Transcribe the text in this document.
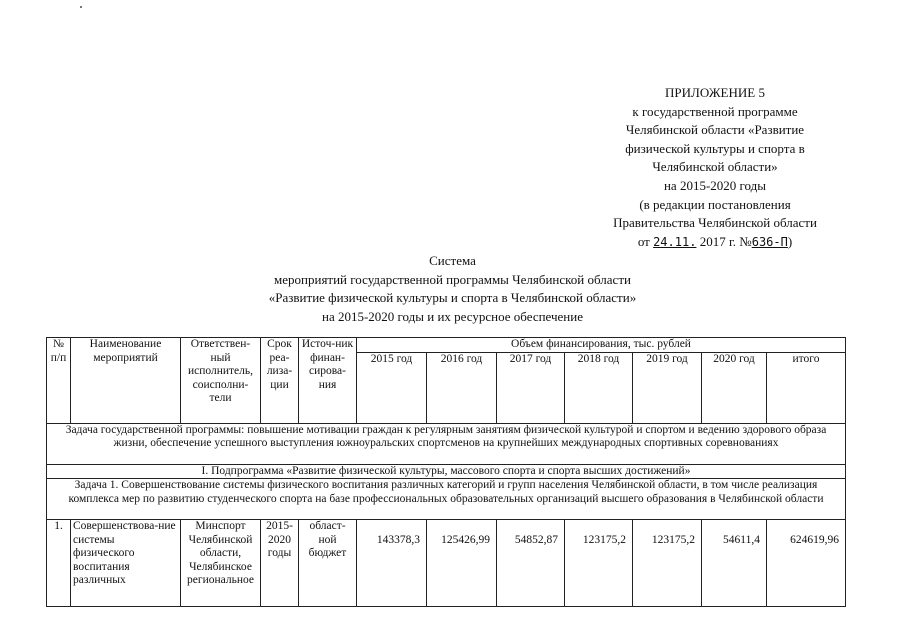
ПРИЛОЖЕНИЕ 5
к государственной программе
Челябинской области «Развитие
физической культуры и спорта в
Челябинской области»
на 2015-2020 годы
(в редакции постановления
Правительства Челябинской области
от 24.11. 2017 г. №636-П)
Система
мероприятий государственной программы Челябинской области
«Развитие физической культуры и спорта в Челябинской области»
на 2015-2020 годы и их ресурсное обеспечение
№ п/п	Наименование мероприятий	Ответствен-ный исполнитель, соисполни-тели	Срок реа-лиза-ции	Источ-ник финан-сирова-ния	Объем финансирования, тыс. рублей						
					2015 год	2016 год	2017 год	2018 год	2019 год	2020 год	итого
Задача государственной программы: повышение мотивации граждан к регулярным занятиям физической культурой и спортом и ведению здорового образа жизни, обеспечение успешного выступления южноуральских спортсменов на крупнейших международных спортивных соревнованиях											
I. Подпрограмма «Развитие физической культуры, массового спорта и спорта высших достижений»											
Задача 1. Совершенствование системы физического воспитания различных категорий и групп населения Челябинской области, в том числе реализация комплекса мер по развитию студенческого спорта на базе профессиональных образовательных организаций высшего образования в Челябинской области											
1.	Совершенствова-ние системы физического воспитания различных	Минспорт Челябинской области, Челябинское региональное	2015-2020 годы	област-ной бюджет	143378,3	125426,99	54852,87	123175,2	123175,2	54611,4	624619,96
